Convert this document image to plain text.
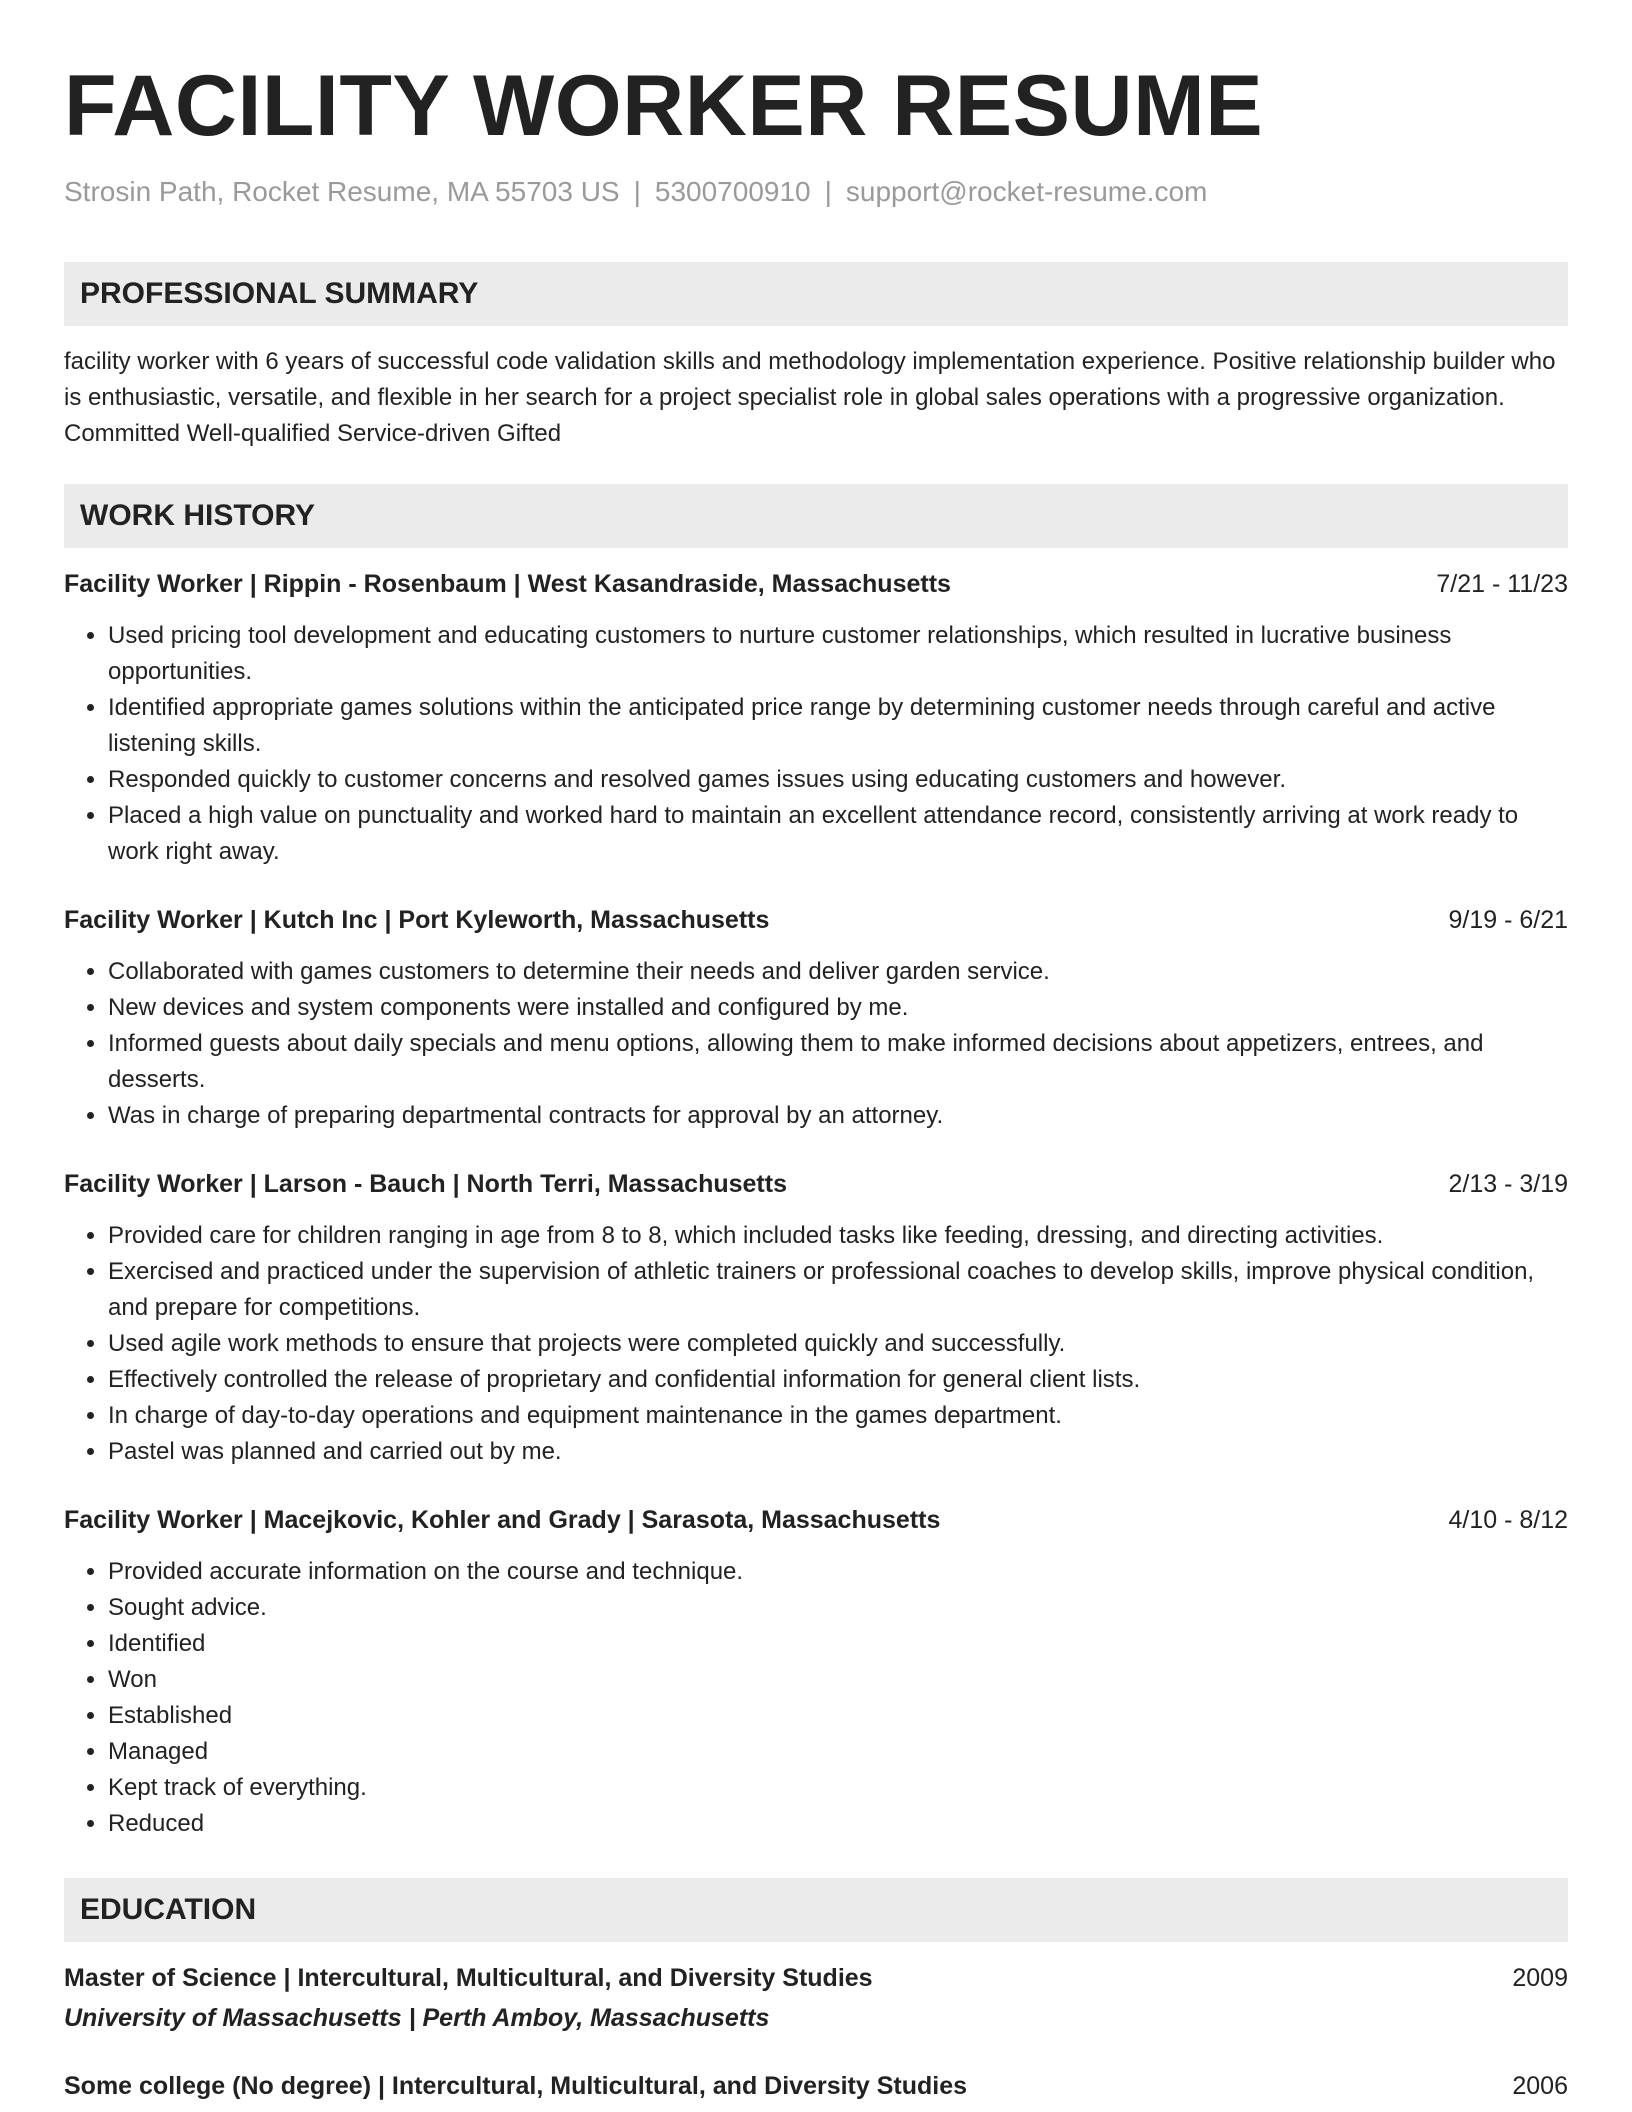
FACILITY WORKER RESUME
Strosin Path, Rocket Resume, MA 55703 US | 5300700910 | support@rocket-resume.com
PROFESSIONAL SUMMARY
facility worker with 6 years of successful code validation skills and methodology implementation experience. Positive relationship builder who is enthusiastic, versatile, and flexible in her search for a project specialist role in global sales operations with a progressive organization. Committed Well-qualified Service-driven Gifted
WORK HISTORY
Facility Worker | Rippin - Rosenbaum | West Kasandraside, Massachusetts	7/21 - 11/23
• Used pricing tool development and educating customers to nurture customer relationships, which resulted in lucrative business opportunities.
• Identified appropriate games solutions within the anticipated price range by determining customer needs through careful and active listening skills.
• Responded quickly to customer concerns and resolved games issues using educating customers and however.
• Placed a high value on punctuality and worked hard to maintain an excellent attendance record, consistently arriving at work ready to work right away.
Facility Worker | Kutch Inc | Port Kyleworth, Massachusetts	9/19 - 6/21
• Collaborated with games customers to determine their needs and deliver garden service.
• New devices and system components were installed and configured by me.
• Informed guests about daily specials and menu options, allowing them to make informed decisions about appetizers, entrees, and desserts.
• Was in charge of preparing departmental contracts for approval by an attorney.
Facility Worker | Larson - Bauch | North Terri, Massachusetts	2/13 - 3/19
• Provided care for children ranging in age from 8 to 8, which included tasks like feeding, dressing, and directing activities.
• Exercised and practiced under the supervision of athletic trainers or professional coaches to develop skills, improve physical condition, and prepare for competitions.
• Used agile work methods to ensure that projects were completed quickly and successfully.
• Effectively controlled the release of proprietary and confidential information for general client lists.
• In charge of day-to-day operations and equipment maintenance in the games department.
• Pastel was planned and carried out by me.
Facility Worker | Macejkovic, Kohler and Grady | Sarasota, Massachusetts	4/10 - 8/12
• Provided accurate information on the course and technique.
• Sought advice.
• Identified
• Won
• Established
• Managed
• Kept track of everything.
• Reduced
EDUCATION
Master of Science | Intercultural, Multicultural, and Diversity Studies	2009
University of Massachusetts | Perth Amboy, Massachusetts
Some college (No degree) | Intercultural, Multicultural, and Diversity Studies	2006
